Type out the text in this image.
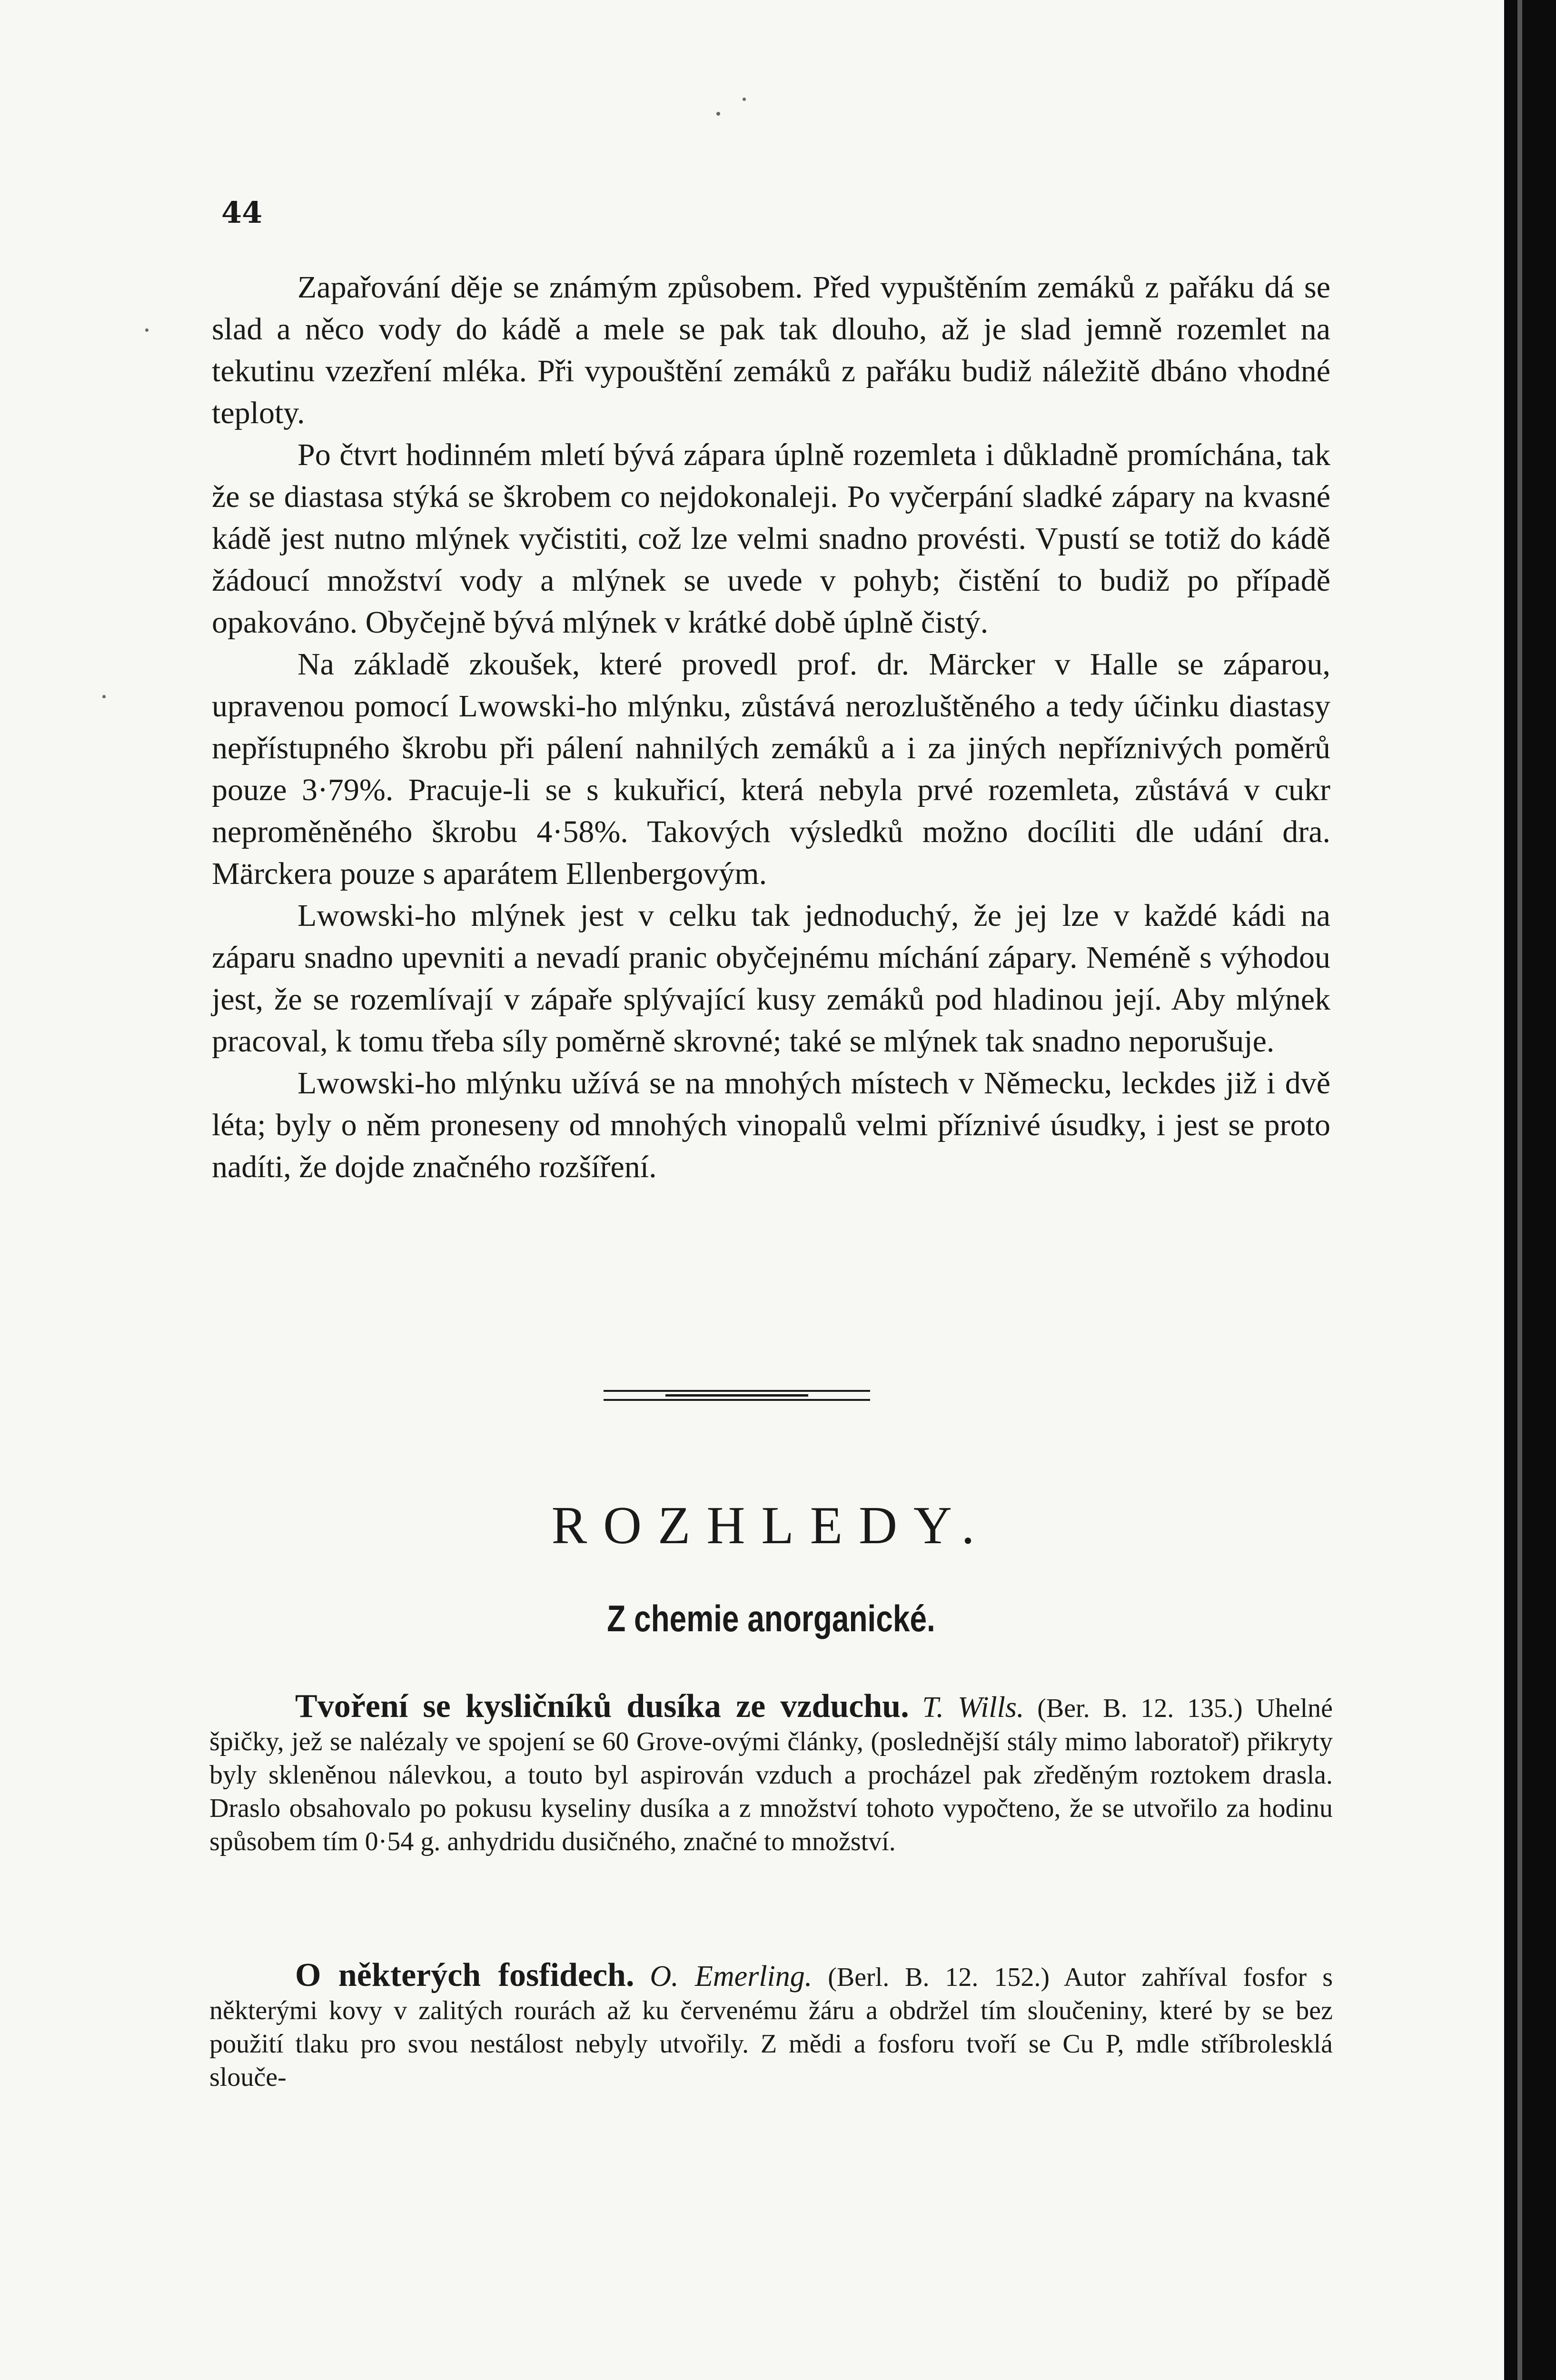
44

Zapařování děje se známým způsobem. Před vypuštěním zemáků z pařáku dá se slad a něco vody do kádě a mele se pak tak dlouho, až je slad jemně rozemlet na tekutinu vzezření mléka. Při vypouštění zemáků z pařáku budiž náležitě dbáno vhodné teploty.

Po čtvrt hodinném mletí bývá zápara úplně rozemleta i důkladně promíchána, tak že se diastasa stýká se škrobem co nejdokonaleji. Po vyčerpání sladké zápary na kvasné kádě jest nutno mlýnek vyčistiti, což lze velmi snadno provésti. Vpustí se totiž do kádě žádoucí množství vody a mlýnek se uvede v pohyb; čistění to budiž po případě opakováno. Obyčejně bývá mlýnek v krátké době úplně čistý.

Na základě zkoušek, které provedl prof. dr. Märcker v Halle se záparou, upravenou pomocí Lwowski-ho mlýnku, zůstává nerozluštěného a tedy účinku diastasy nepřístupného škrobu při pálení nahnilých zemáků a i za jiných nepříznivých poměrů pouze 3·79%. Pracuje-li se s kukuřicí, která nebyla prvé rozemleta, zůstává v cukr neproměněného škrobu 4·58%. Takových výsledků možno docíliti dle udání dra. Märckera pouze s aparátem Ellenbergovým.

Lwowski-ho mlýnek jest v celku tak jednoduchý, že jej lze v každé kádi na záparu snadno upevniti a nevadí pranic obyčejnému míchání zápary. Neméně s výhodou jest, že se rozemlívají v zápaře splývající kusy zemáků pod hladinou její. Aby mlýnek pracoval, k tomu třeba síly poměrně skrovné; také se mlýnek tak snadno neporušuje.

Lwowski-ho mlýnku užívá se na mnohých místech v Německu, leckdes již i dvě léta; byly o něm proneseny od mnohých vinopalů velmi příznivé úsudky, i jest se proto nadíti, že dojde značného rozšíření.

ROZHLEDY.
Z chemie anorganické.

Tvoření se kysličníků dusíka ze vzduchu. T. Wills. (Ber. B. 12. 135.) Uhelné špičky, jež se nalézaly ve spojení se 60 Grove-ovými články, (poslednější stály mimo laboratoř) přikryty byly skleněnou nálevkou, a touto byl aspirován vzduch a procházel pak zředěným roztokem drasla. Draslo obsahovalo po pokusu kyseliny dusíka a z množství tohoto vypočteno, že se utvořilo za hodinu spůsobem tím 0·54 g. anhydridu dusičného, značné to množství.

O některých fosfidech. O. Emerling. (Berl. B. 12. 152.) Autor zahříval fosfor s některými kovy v zalitých rourách až ku červenému žáru a obdržel tím sloučeniny, které by se bez použití tlaku pro svou nestálost nebyly utvořily. Z mědi a fosforu tvoří se Cu P, mdle stříbrolesklá slouče-
